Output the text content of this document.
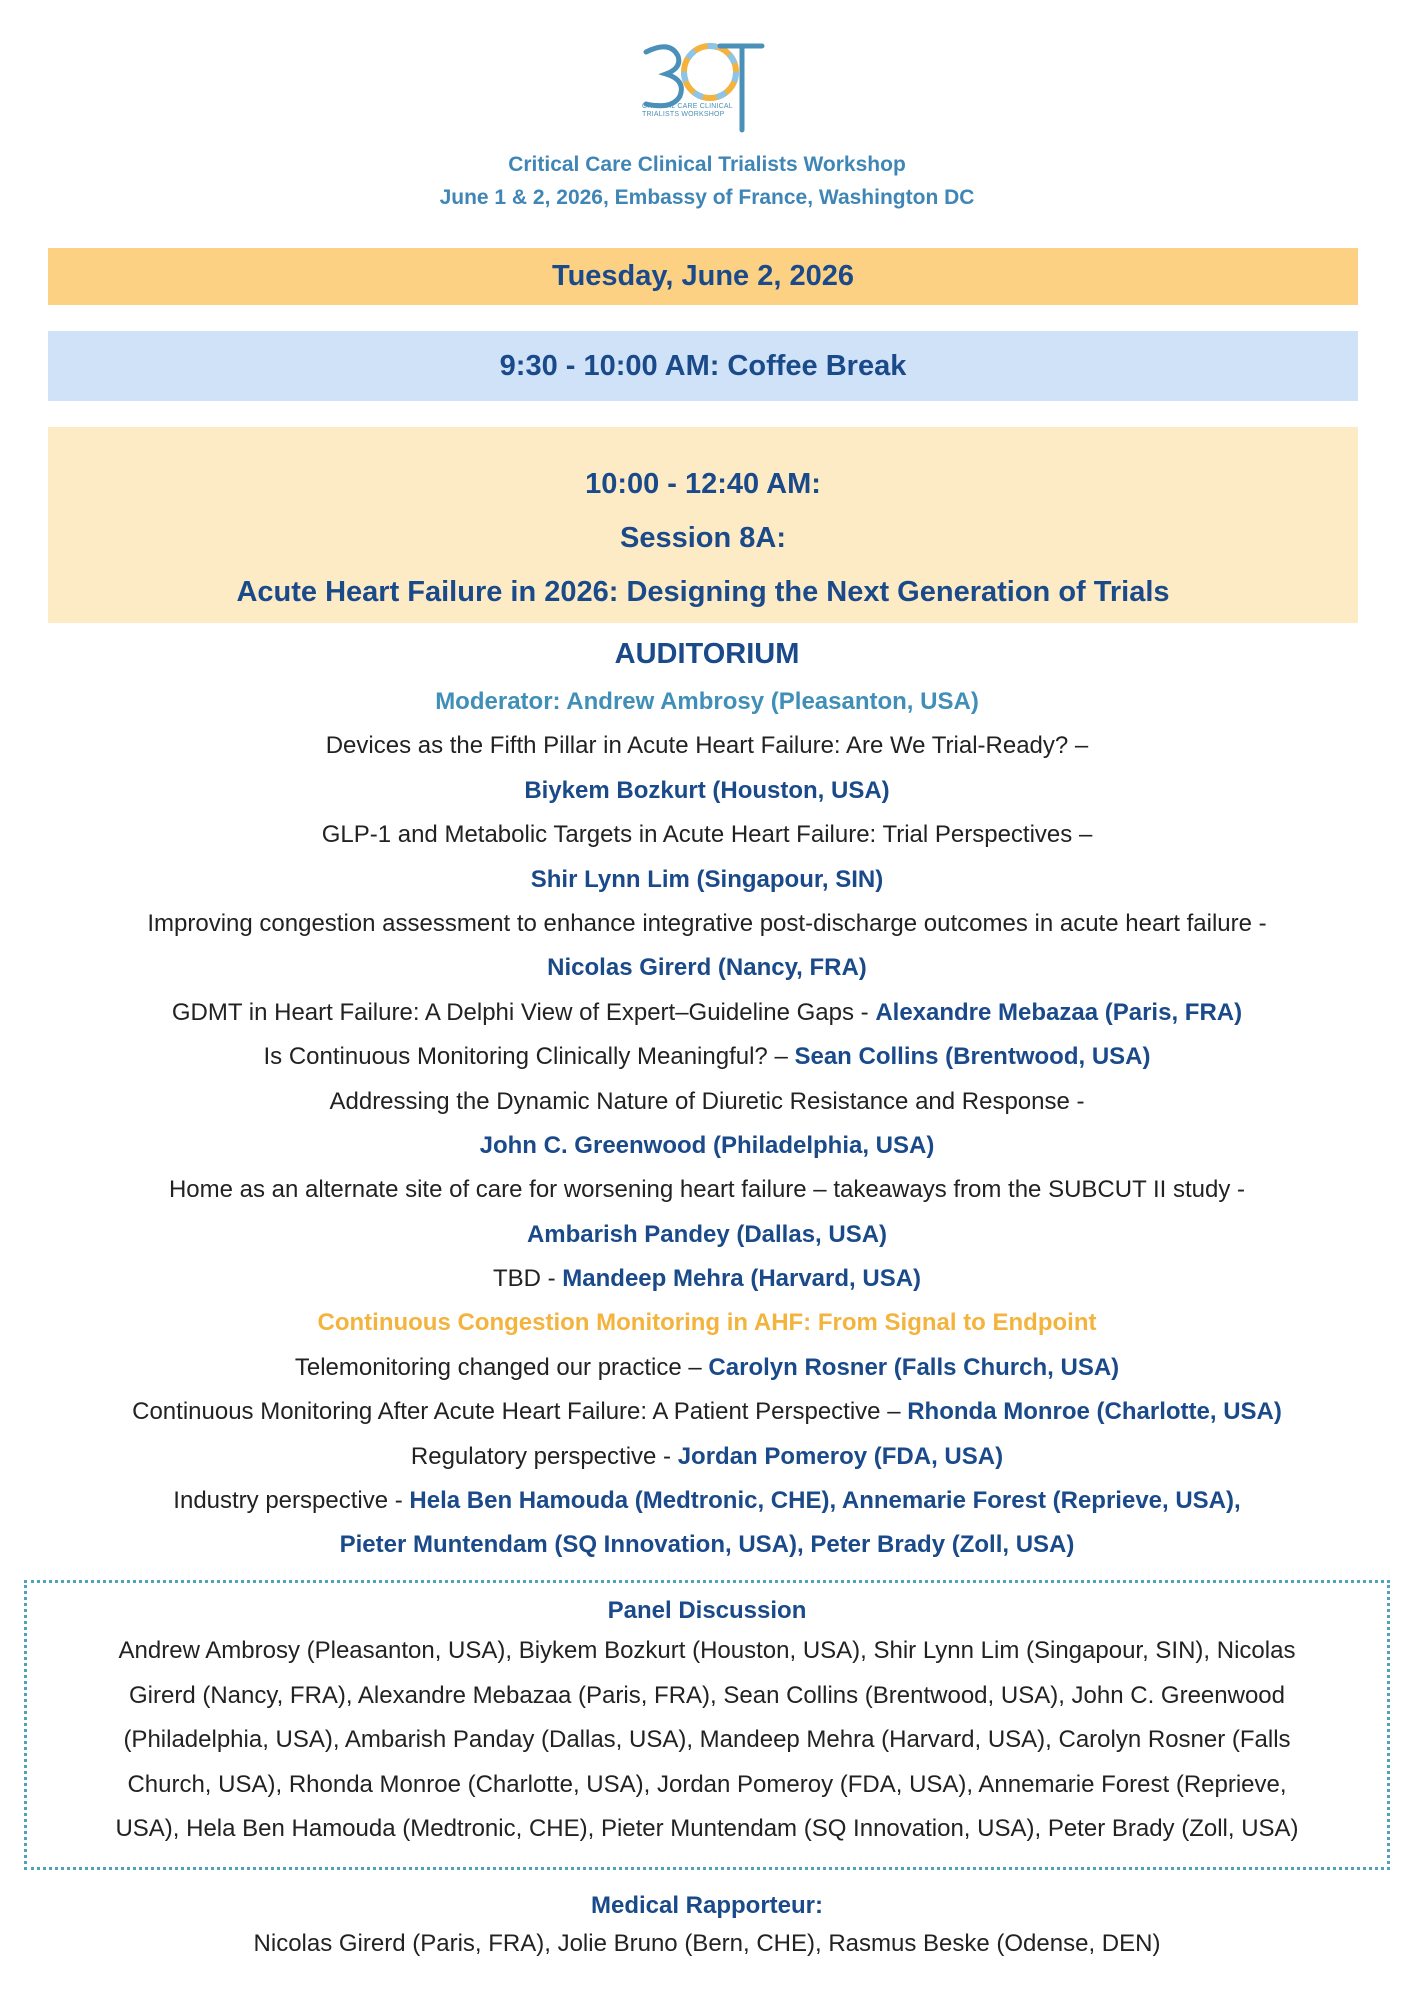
CRITICAL CARE CLINICAL TRIALISTS WORKSHOP
Critical Care Clinical Trialists Workshop
June 1 & 2, 2026, Embassy of France, Washington DC
Tuesday, June 2, 2026
9:30 - 10:00 AM: Coffee Break
10:00 - 12:40 AM:
Session 8A:
Acute Heart Failure in 2026: Designing the Next Generation of Trials
AUDITORIUM
Moderator: Andrew Ambrosy (Pleasanton, USA)
Devices as the Fifth Pillar in Acute Heart Failure: Are We Trial-Ready? –
Biykem Bozkurt (Houston, USA)
GLP-1 and Metabolic Targets in Acute Heart Failure: Trial Perspectives –
Shir Lynn Lim (Singapour, SIN)
Improving congestion assessment to enhance integrative post-discharge outcomes in acute heart failure -
Nicolas Girerd (Nancy, FRA)
GDMT in Heart Failure: A Delphi View of Expert–Guideline Gaps - Alexandre Mebazaa (Paris, FRA)
Is Continuous Monitoring Clinically Meaningful? – Sean Collins (Brentwood, USA)
Addressing the Dynamic Nature of Diuretic Resistance and Response -
John C. Greenwood (Philadelphia, USA)
Home as an alternate site of care for worsening heart failure – takeaways from the SUBCUT II study -
Ambarish Pandey (Dallas, USA)
TBD - Mandeep Mehra (Harvard, USA)
Continuous Congestion Monitoring in AHF: From Signal to Endpoint
Telemonitoring changed our practice – Carolyn Rosner (Falls Church, USA)
Continuous Monitoring After Acute Heart Failure: A Patient Perspective – Rhonda Monroe (Charlotte, USA)
Regulatory perspective - Jordan Pomeroy (FDA, USA)
Industry perspective - Hela Ben Hamouda (Medtronic, CHE), Annemarie Forest (Reprieve, USA),
Pieter Muntendam (SQ Innovation, USA), Peter Brady (Zoll, USA)
Panel Discussion
Andrew Ambrosy (Pleasanton, USA), Biykem Bozkurt (Houston, USA), Shir Lynn Lim (Singapour, SIN), Nicolas
Girerd (Nancy, FRA), Alexandre Mebazaa (Paris, FRA), Sean Collins (Brentwood, USA), John C. Greenwood
(Philadelphia, USA), Ambarish Panday (Dallas, USA), Mandeep Mehra (Harvard, USA), Carolyn Rosner (Falls
Church, USA), Rhonda Monroe (Charlotte, USA), Jordan Pomeroy (FDA, USA), Annemarie Forest (Reprieve,
USA), Hela Ben Hamouda (Medtronic, CHE), Pieter Muntendam (SQ Innovation, USA), Peter Brady (Zoll, USA)
Medical Rapporteur:
Nicolas Girerd (Paris, FRA), Jolie Bruno (Bern, CHE), Rasmus Beske (Odense, DEN)
